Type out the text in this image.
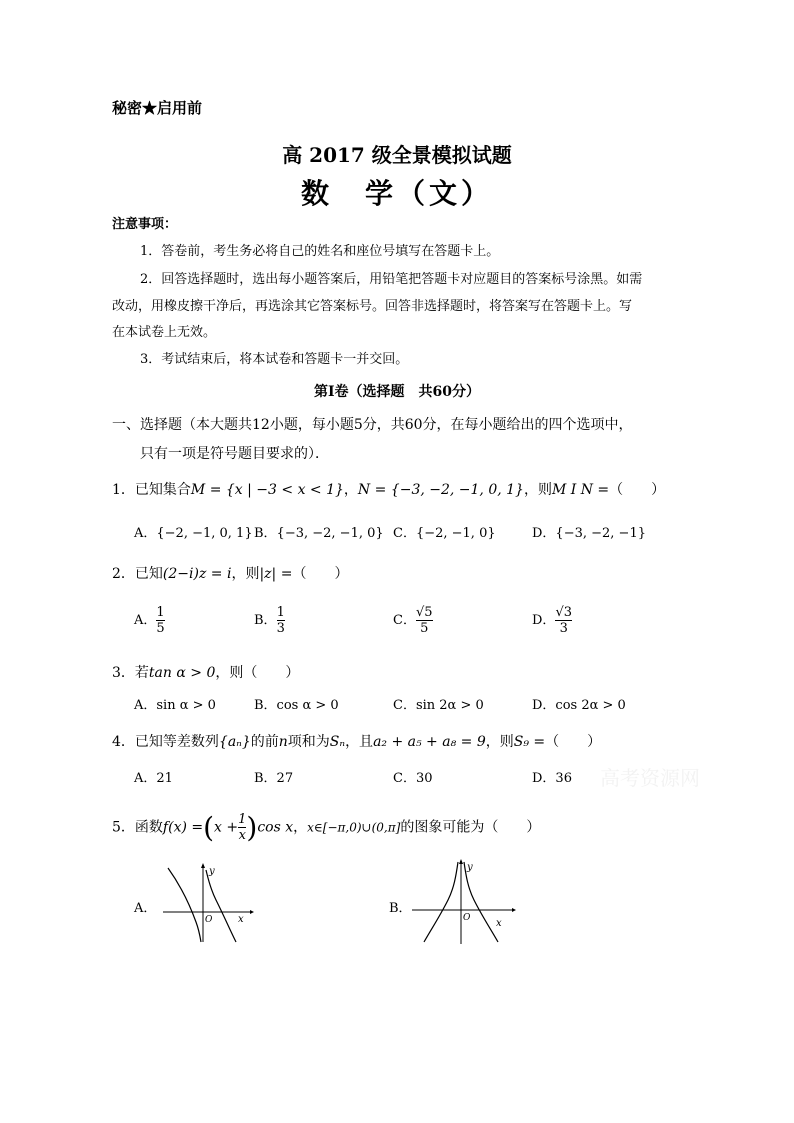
秘密★启用前
高 2017 级全景模拟试题
数　学（文）
注意事项：
1．答卷前，考生务必将自己的姓名和座位号填写在答题卡上。
2．回答选择题时，选出每小题答案后，用铅笔把答题卡对应题目的答案标号涂黑。如需
改动，用橡皮擦干净后，再选涂其它答案标号。回答非选择题时，将答案写在答题卡上。写
在本试卷上无效。
3．考试结束后，将本试卷和答题卡一并交回。
第Ⅰ卷（选择题　共60分）
一、选择题（本大题共12小题，每小题5分，共60分，在每小题给出的四个选项中，
只有一项是符号题目要求的）．
1．已知集合M = {x | −3 < x < 1}，N = {−3, −2, −1, 0, 1}，则M I N =（　　）
A．{−2, −1, 0, 1} B．{−3, −2, −1, 0} C．{−2, −1, 0}	D．{−3, −2, −1}
2．已知(2−i)z = i，则|z| =（　　）
A． $\frac{1}{5}$	B． $\frac{1}{3}$	C． $\frac{√5}{5}$	D． $\frac{√3}{3}$
3．若tan α > 0，则（　　）
A．sin α > 0	B．cos α > 0	C．sin 2α > 0	D．cos 2α > 0
4．已知等差数列{aₙ}的前n项和为Sₙ，且a₂ + a₅ + a₈ = 9，则S₉ =（　　）
A．21	B．27	C．30	D．36 高考资源网
5．函数$f(x) =(x + \frac{1}{x} )\cos$ x，x∈[−π,0)∪(0,π]的图象可能为（　　）
A．
y
x
O
B．
y
x
O
